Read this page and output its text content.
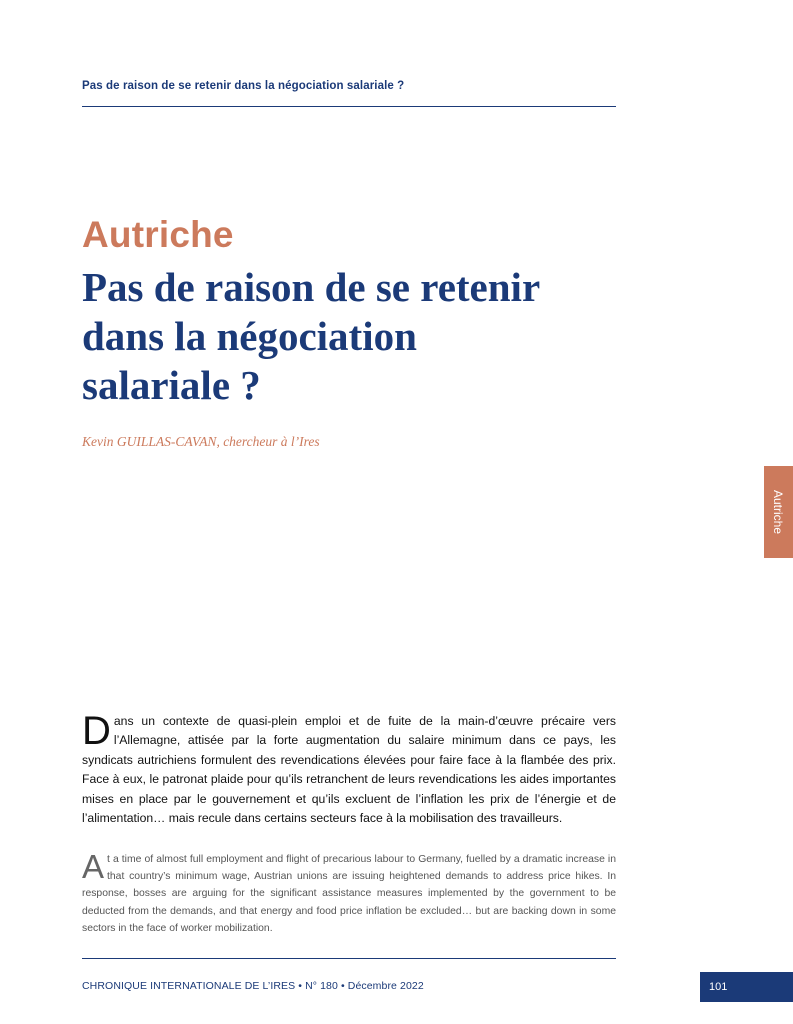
Pas de raison de se retenir dans la négociation salariale ?
Autriche
Pas de raison de se retenir
dans la négociation
salariale ?
Kevin GUILLAS-CAVAN, chercheur à l’Ires
Autriche
Dans un contexte de quasi-plein emploi et de fuite de la main-d’œuvre précaire vers l’Allemagne, attisée par la forte augmentation du salaire minimum dans ce pays, les syndicats autrichiens formulent des revendications élevées pour faire face à la flambée des prix. Face à eux, le patronat plaide pour qu’ils retranchent de leurs revendications les aides importantes mises en place par le gouvernement et qu’ils excluent de l’inflation les prix de l’énergie et de l’alimentation… mais recule dans certains secteurs face à la mobilisation des travailleurs.
At a time of almost full employment and flight of precarious labour to Germany, fuelled by a dramatic increase in that country’s minimum wage, Austrian unions are issuing heightened demands to address price hikes. In response, bosses are arguing for the significant assistance measures implemented by the government to be deducted from the demands, and that energy and food price inflation be excluded… but are backing down in some sectors in the face of worker mobilization.
CHRONIQUE INTERNATIONALE DE L’IRES • N° 180 • Décembre 2022	101
